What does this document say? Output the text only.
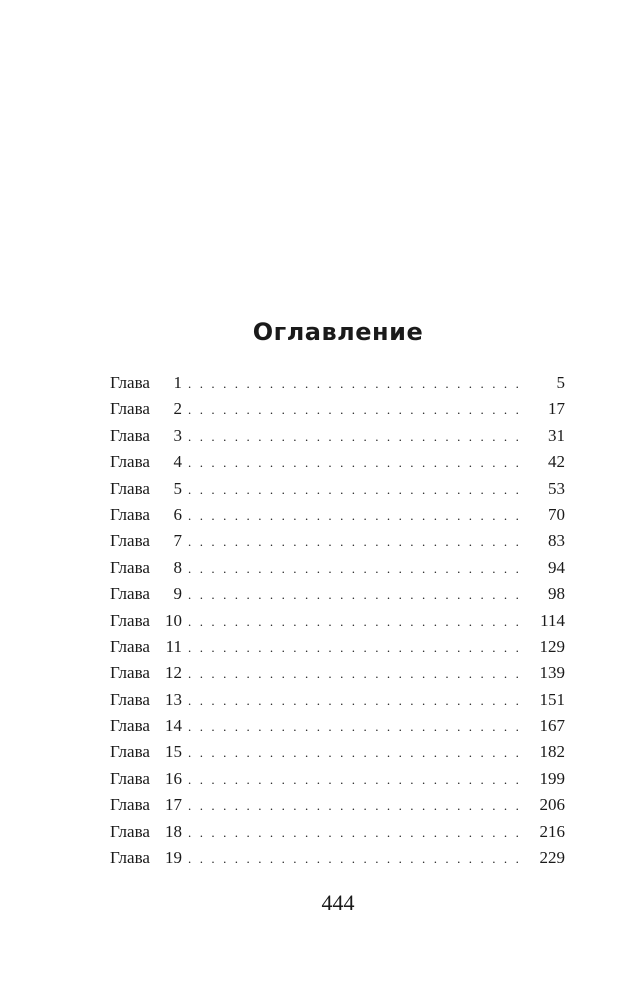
Оглавление
Глава	1 . . .	5
Глава	2 . . .	17
Глава	3 . . .	31
Глава	4 . . .	42
Глава	5 . . .	53
Глава	6 . . .	70
Глава	7 . . .	83
Глава	8 . . .	94
Глава	9 . . .	98
Глава 10 . . .	114
Глава 11 . . .	129
Глава 12 . . .	139
Глава 13 . . .	151
Глава 14 . . .	167
Глава 15 . . .	182
Глава 16 . . .	199
Глава 17 . . .	206
Глава 18 . . .	216
Глава 19 . . .	229
444
